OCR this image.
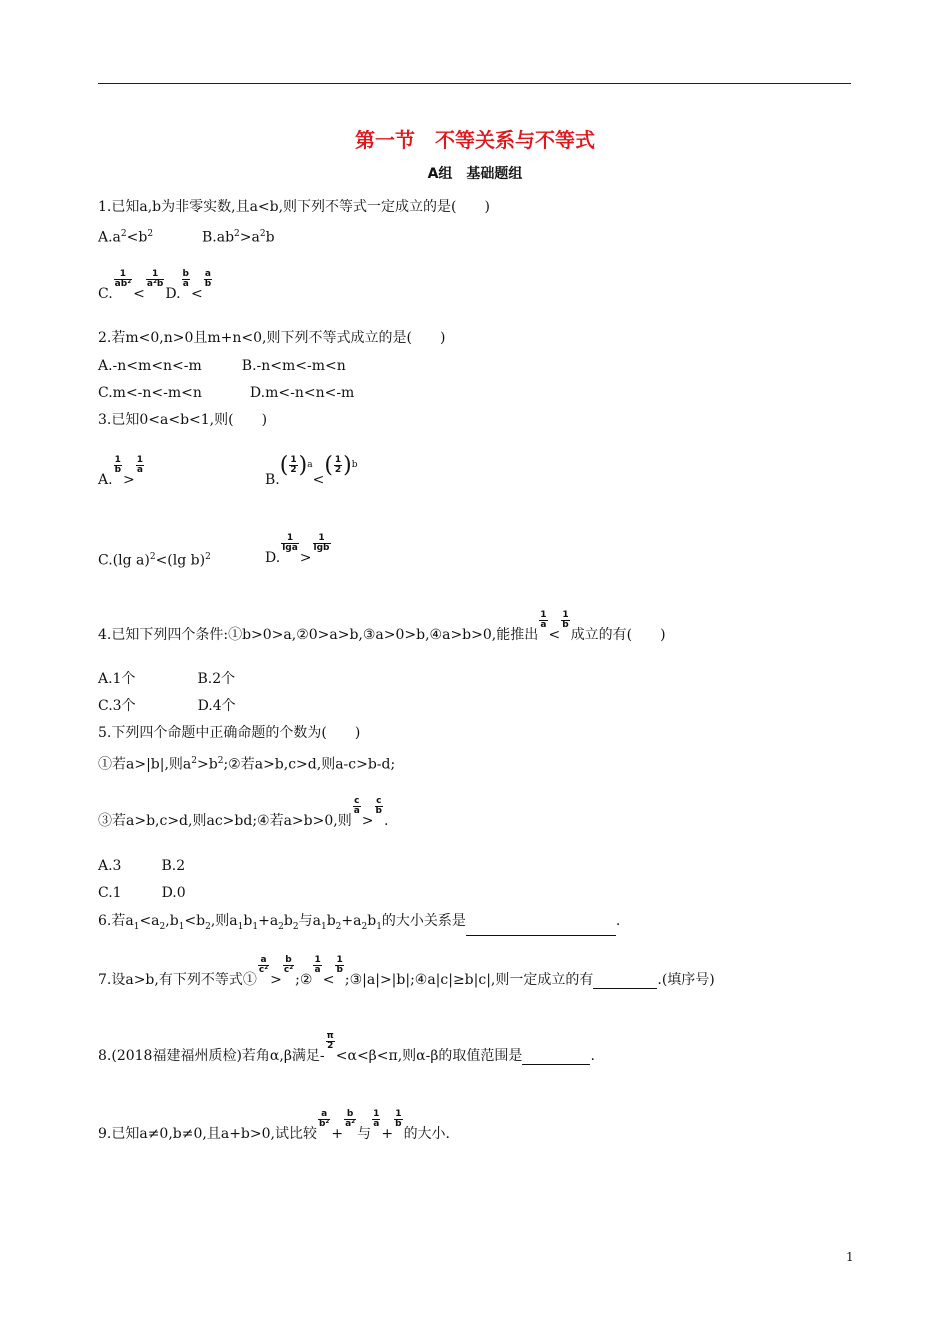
第一节　不等关系与不等式
A组　基础题组
1.已知a,b为非零实数,且a<b,则下列不等式一定成立的是(　　)
$A.a^2<b^2$	$B.ab^2>a^2b$
C.
$\frac{1}{\text{ab²}}$
<
$\frac{1}{\text{a²b}}$
D.
$\frac{b}{a}$
<
$\frac{a}{b}$
2.若m<0,n>0且m+n<0,则下列不等式成立的是(　　)
A.-n<m<n<-m	B.-n<m<-m<n
C.m<-n<-m<n	D.m<-n<n<-m
3.已知0<a<b<1,则(　　)
A.
$\frac{1}{b}$
>
$\frac{1}{a}$
$B.( \frac{1}{2} )^a<( \frac{1}{2} )^b$
C.(lg a)$^2$<(lg b)$^2$	D.
$\frac{1}{\lg a}$
>
$\frac{1}{\lg b}$
4.已知下列四个条件:①b>0>a,②0>a>b,③a>0>b,④a>b>0,能推出
$\frac{1}{a}$
<
$\frac{1}{b}$
成立的有(　　)
A.1个	B.2个
C.3个	D.4个
5.下列四个命题中正确命题的个数为(　　)
①若a>|b|,则$a^2>b^2;②$若a>b,c>d,则a-c>b-d;
③若a>b,c>d,则ac>bd;④若a>b>0,则
$\frac{c}{a}$
>
$\frac{c}{b}$
.
A.3	B.2
C.1	D.0
6.若$a_1<a_2,b_1<b_2$,则$a_1b_1+a_2b_2$与$a_1b_2+a_2b_1$的大小关系是	.
7.设a>b,有下列不等式①
$\frac{a}{\text{c²}}$
>
$\frac{b}{\text{c²}}$
;②
$\frac{1}{a}$
<
$\frac{1}{b}$
;③|a|>|b|;④a|c|≥b|c|,则一定成立的有	.(填序号)
8.(2018福建福州质检)若角α,β满足-
$\frac{\pi}{2}$
<α<β<π,则α-β的取值范围是	.
9.已知a≠0,b≠0,且a+b>0,试比较
$\frac{a}{\text{b²}}$
+
$\frac{b}{\text{a²}}$
与
$\frac{1}{a}$
+
$\frac{1}{b}$
的大小.
1
